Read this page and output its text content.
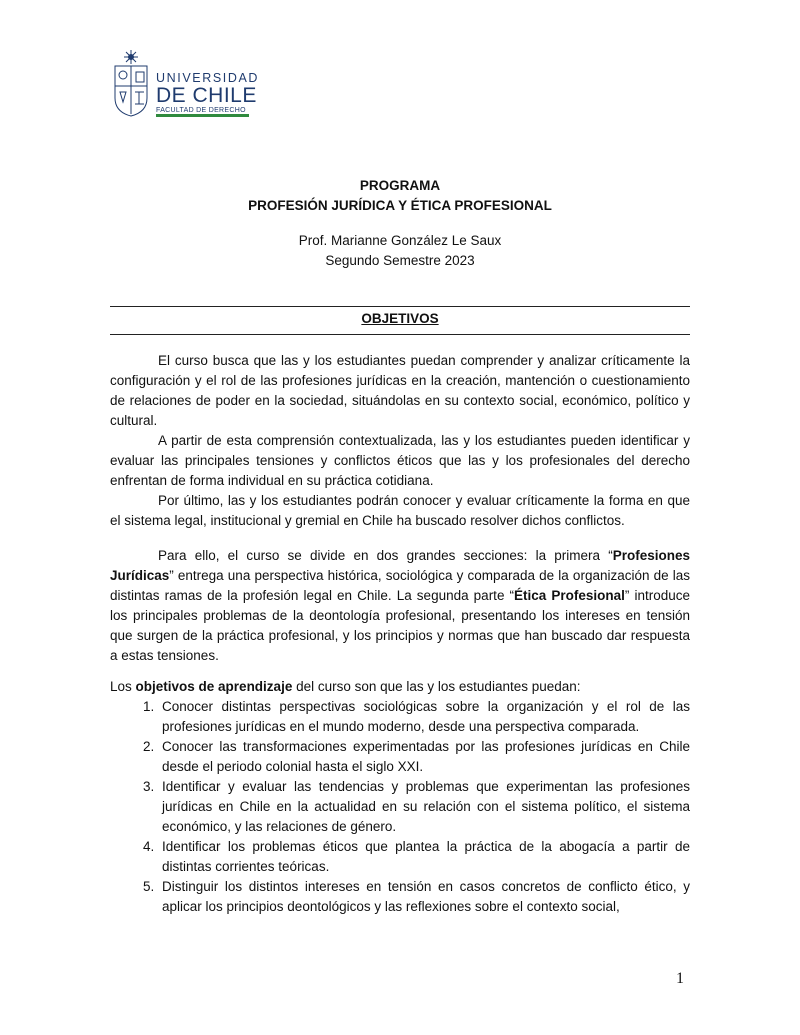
UNIVERSIDAD
DE CHILE
FACULTAD DE DERECHO
PROGRAMA
PROFESIÓN JURÍDICA Y ÉTICA PROFESIONAL
Prof. Marianne González Le Saux
Segundo Semestre 2023
OBJETIVOS

El curso busca que las y los estudiantes puedan comprender y analizar críticamente la configuración y el rol de las profesiones jurídicas en la creación, mantención o cuestionamiento de relaciones de poder en la sociedad, situándolas en su contexto social, económico, político y cultural.

A partir de esta comprensión contextualizada, las y los estudiantes pueden identificar y evaluar las principales tensiones y conflictos éticos que las y los profesionales del derecho enfrentan de forma individual en su práctica cotidiana.

Por último, las y los estudiantes podrán conocer y evaluar críticamente la forma en que el sistema legal, institucional y gremial en Chile ha buscado resolver dichos conflictos.

Para ello, el curso se divide en dos grandes secciones: la primera “Profesiones Jurídicas” entrega una perspectiva histórica, sociológica y comparada de la organización de las distintas ramas de la profesión legal en Chile. La segunda parte “Ética Profesional” introduce los principales problemas de la deontología profesional, presentando los intereses en tensión que surgen de la práctica profesional, y los principios y normas que han buscado dar respuesta a estas tensiones.

Los objetivos de aprendizaje del curso son que las y los estudiantes puedan:
1. Conocer distintas perspectivas sociológicas sobre la organización y el rol de las profesiones jurídicas en el mundo moderno, desde una perspectiva comparada.
2. Conocer las transformaciones experimentadas por las profesiones jurídicas en Chile desde el periodo colonial hasta el siglo XXI.
3. Identificar y evaluar las tendencias y problemas que experimentan las profesiones jurídicas en Chile en la actualidad en su relación con el sistema político, el sistema económico, y las relaciones de género.
4. Identificar los problemas éticos que plantea la práctica de la abogacía a partir de distintas corrientes teóricas.
5. Distinguir los distintos intereses en tensión en casos concretos de conflicto ético, y aplicar los principios deontológicos y las reflexiones sobre el contexto social,
1
